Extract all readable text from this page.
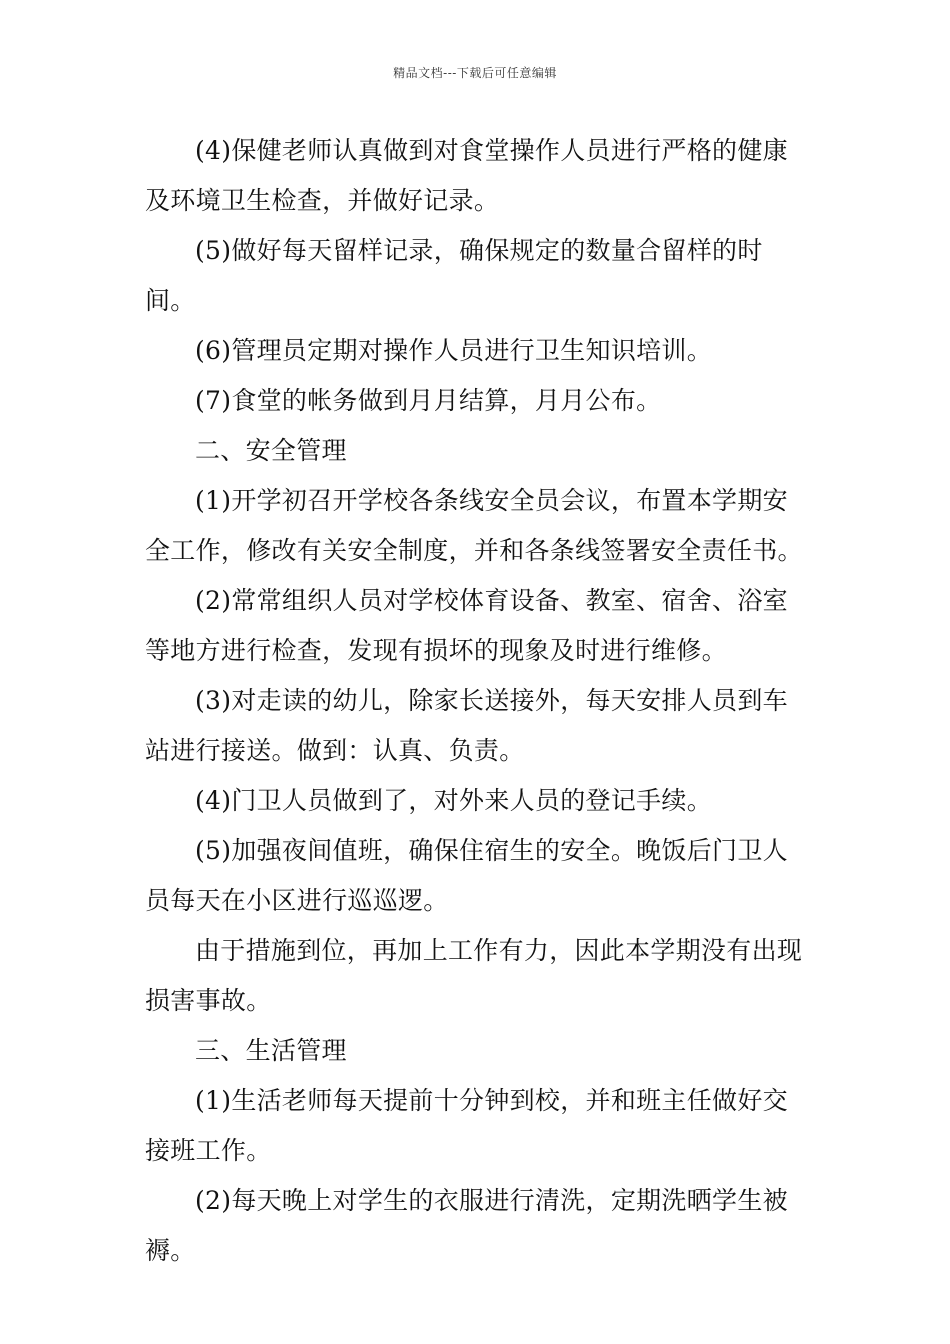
精品文档---下载后可任意编辑

(4)保健老师认真做到对食堂操作人员进行严格的健康及环境卫生检查，并做好记录。

(5)做好每天留样记录，确保规定的数量合留样的时间。

(6)管理员定期对操作人员进行卫生知识培训。

(7)食堂的帐务做到月月结算，月月公布。

二、安全管理

(1)开学初召开学校各条线安全员会议，布置本学期安全工作，修改有关安全制度，并和各条线签署安全责任书。

(2)常常组织人员对学校体育设备、教室、宿舍、浴室等地方进行检查，发现有损坏的现象及时进行维修。

(3)对走读的幼儿，除家长送接外，每天安排人员到车站进行接送。做到：认真、负责。

(4)门卫人员做到了，对外来人员的登记手续。

(5)加强夜间值班，确保住宿生的安全。晚饭后门卫人员每天在小区进行巡巡逻。

由于措施到位，再加上工作有力，因此本学期没有出现损害事故。

三、生活管理

(1)生活老师每天提前十分钟到校，并和班主任做好交接班工作。

(2)每天晚上对学生的衣服进行清洗，定期洗晒学生被褥。
